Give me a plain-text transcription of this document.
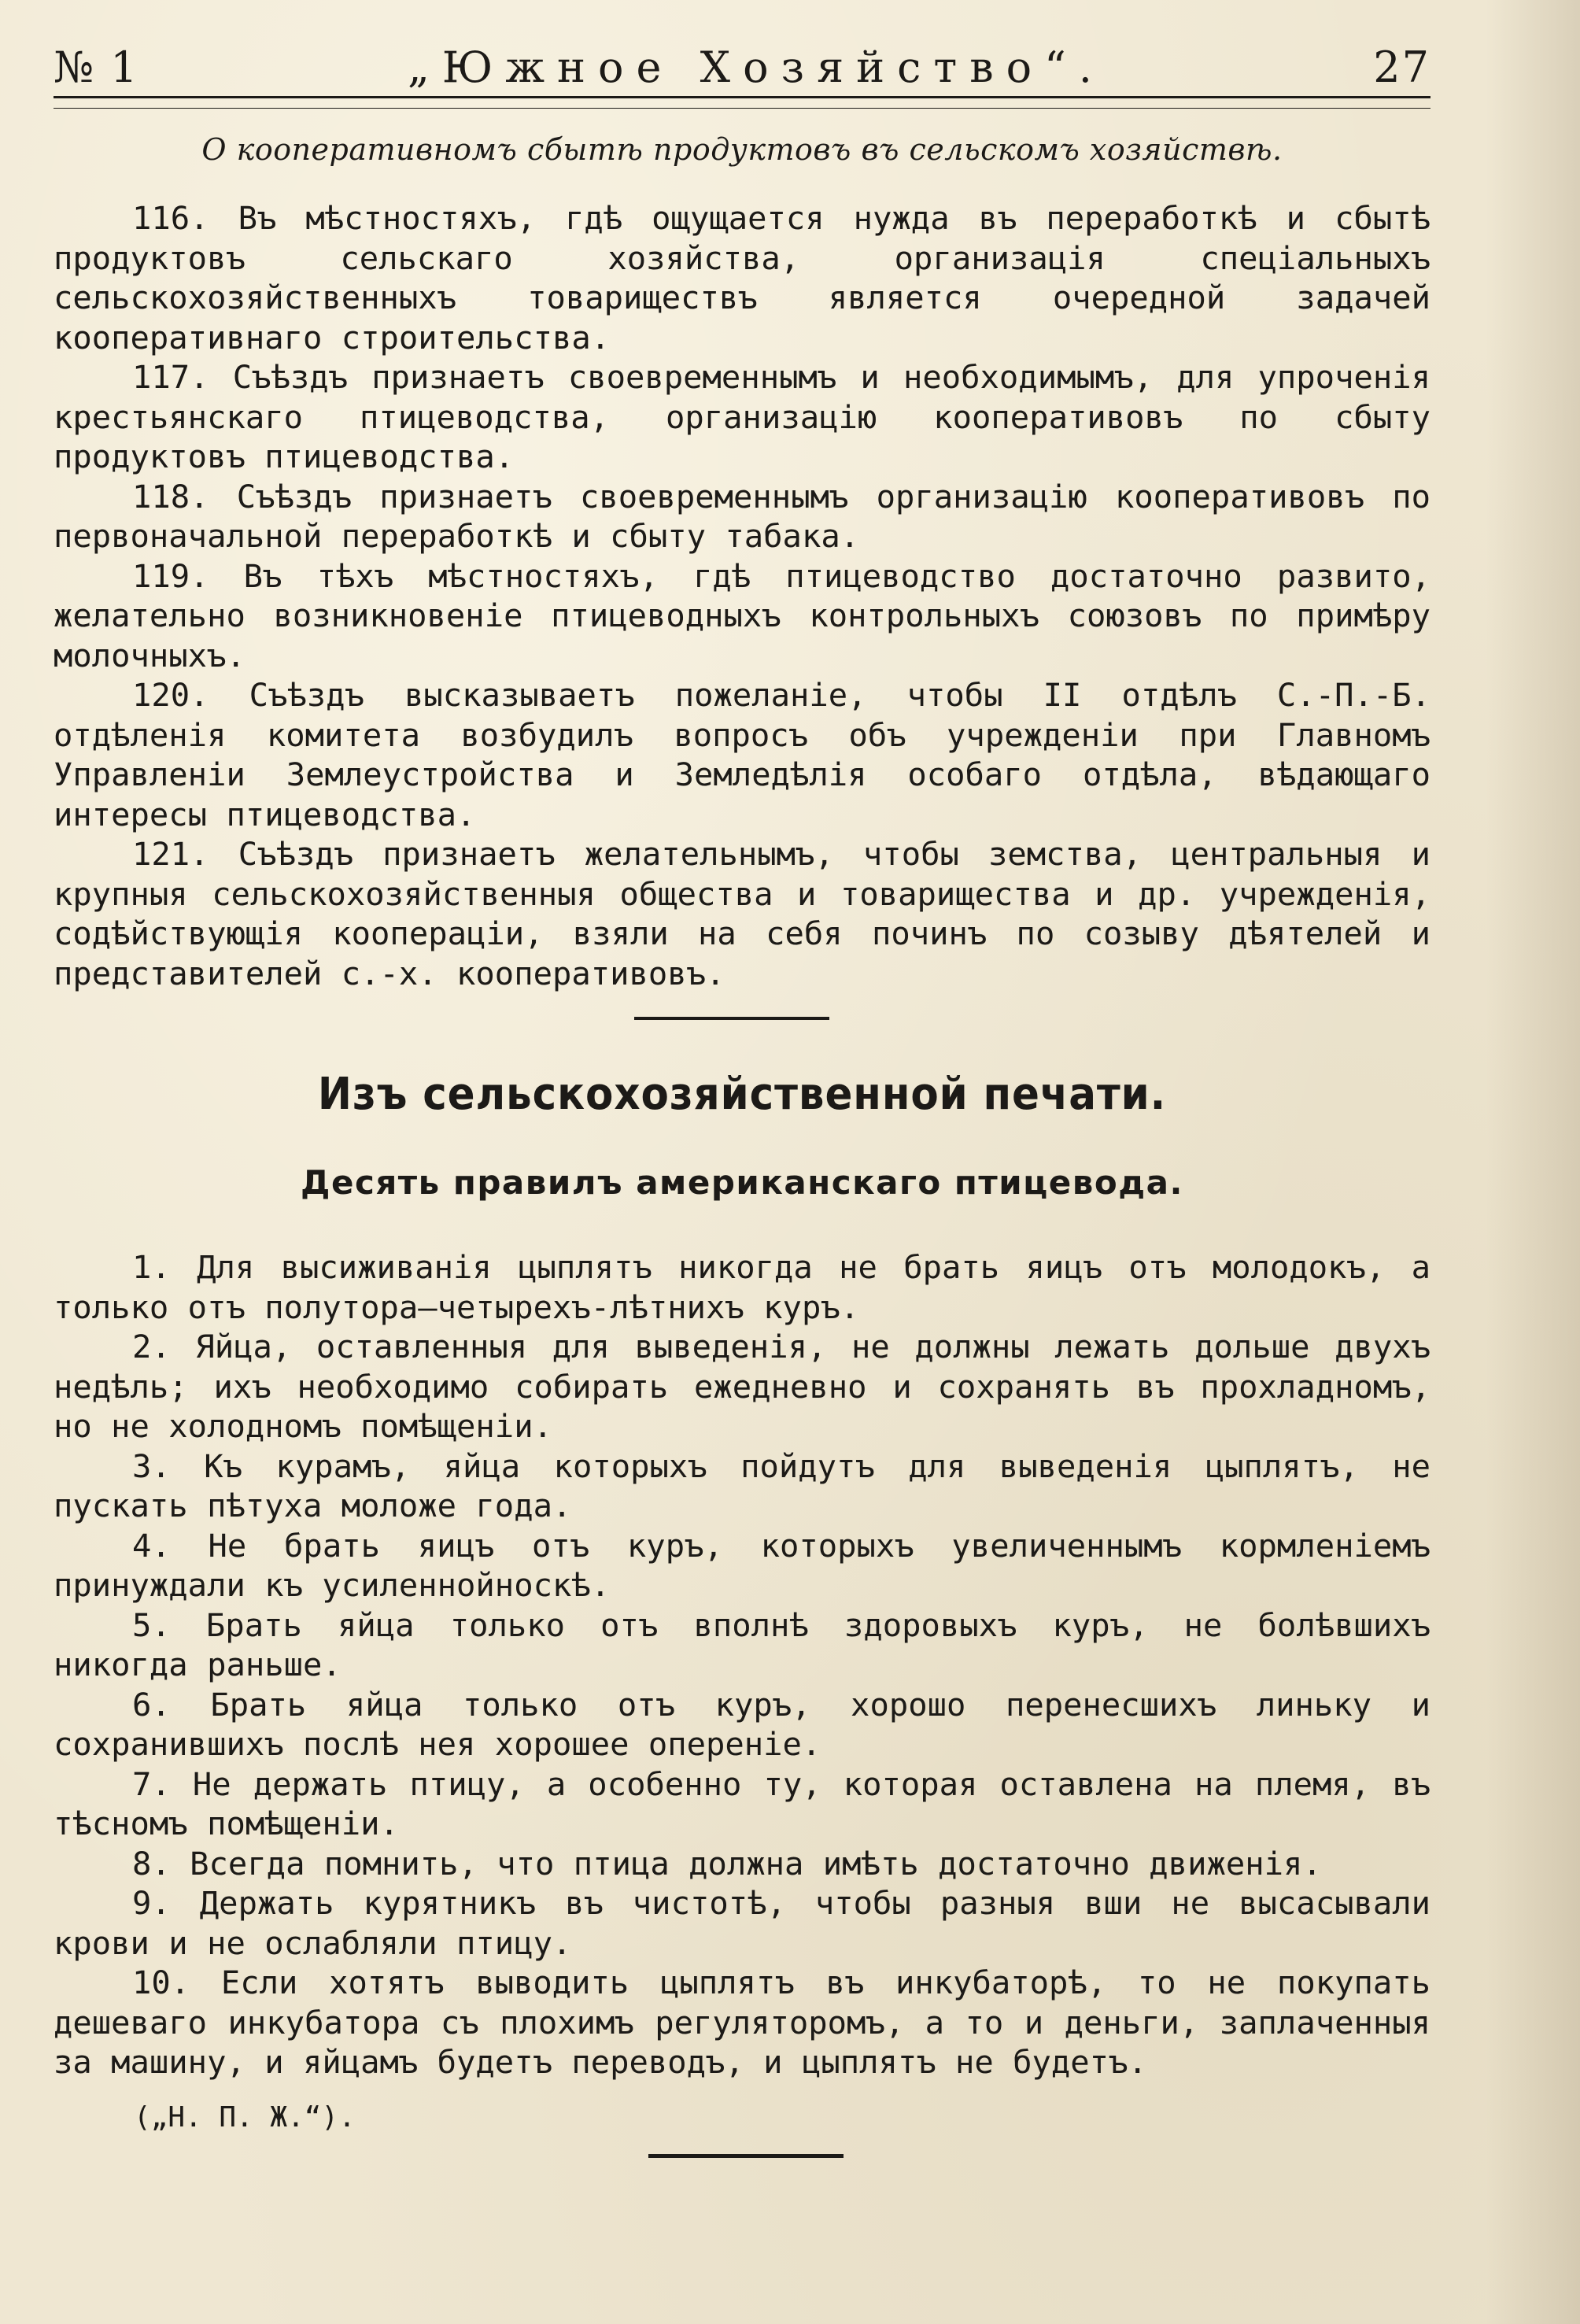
№ 1	„Южное Хозяйство“.	27
О кооперативномъ сбытѣ продуктовъ въ сельскомъ хозяйствѣ.

116. Въ мѣстностяхъ, гдѣ ощущается нужда въ переработкѣ и сбытѣ продуктовъ сельскаго хозяйства, организація спеціальныхъ сельскохозяйственныхъ товариществъ является очередной задачей кооперативнаго строительства.

117. Съѣздъ признаетъ своевременнымъ и необходимымъ, для упроченія крестьянскаго птицеводства, организацію кооперативовъ по сбыту продуктовъ птицеводства.

118. Съѣздъ признаетъ своевременнымъ организацію кооперативовъ по первоначальной переработкѣ и сбыту табака.

119. Въ тѣхъ мѣстностяхъ, гдѣ птицеводство достаточно развито, желательно возникновеніе птицеводныхъ контрольныхъ союзовъ по примѣру молочныхъ.

120. Съѣздъ высказываетъ пожеланіе, чтобы II отдѣлъ С.-П.-Б. отдѣленія комитета возбудилъ вопросъ объ учрежденіи при Главномъ Управленіи Землеустройства и Земледѣлія особаго отдѣла, вѣдающаго интересы птицеводства.

121. Съѣздъ признаетъ желательнымъ, чтобы земства, центральныя и крупныя сельскохозяйственныя общества и товарищества и др. учрежденія, содѣйствующія кооперацiи, взяли на себя починъ по созыву дѣятелей и представителей с.-х. кооперативовъ.

Изъ сельскохозяйственной печати.
Десять правилъ американскаго птицевода.

1. Для высиживанія цыплятъ никогда не брать яицъ отъ молодокъ, а только отъ полутора—четырехъ-лѣтнихъ куръ.

2. Яйца, оставленныя для выведенія, не должны лежать дольше двухъ недѣль; ихъ необходимо собирать ежедневно и сохранять въ прохладномъ, но не холодномъ помѣщеніи.

3. Къ курамъ, яйца которыхъ пойдутъ для выведенія цыплятъ, не пускать пѣтуха моложе года.

4. Не брать яицъ отъ куръ, которыхъ увеличеннымъ кормленіемъ принуждали къ усиленнойноскѣ.

5. Брать яйца только отъ вполнѣ здоровыхъ куръ, не болѣвшихъ никогда раньше.

6. Брать яйца только отъ куръ, хорошо перенесшихъ линьку и сохранившихъ послѣ нея хорошее опереніе.

7. Не держать птицу, а особенно ту, которая оставлена на племя, въ тѣсномъ помѣщеніи.

8. Всегда помнить, что птица должна имѣть достаточно движенія.

9. Держать курятникъ въ чистотѣ, чтобы разныя вши не высасывали крови и не ослабляли птицу.

10. Если хотятъ выводить цыплятъ въ инкубаторѣ, то не покупать дешеваго инкубатора съ плохимъ регуляторомъ, а то и деньги, заплаченныя за машину, и яйцамъ будетъ переводъ, и цыплятъ не будетъ.

(„Н. П. Ж.“).
